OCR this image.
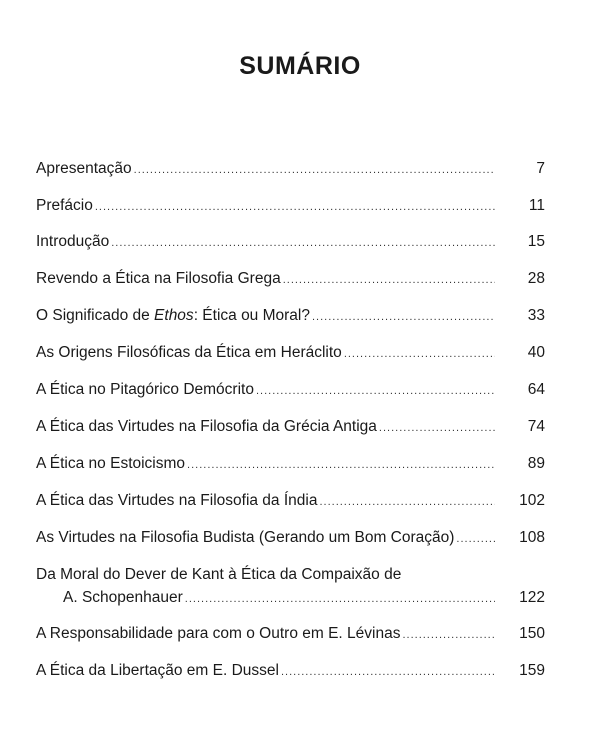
SUMÁRIO
Apresentação .....	7
Prefácio .....	11
Introdução .....	15
Revendo a Ética na Filosofia Grega .....	28
O Significado de Ethos: Ética ou Moral? .....	33
As Origens Filosóficas da Ética em Heráclito .....	40
A Ética no Pitagórico Demócrito .....	64
A Ética das Virtudes na Filosofia da Grécia Antiga .....	74
A Ética no Estoicismo .....	89
A Ética das Virtudes na Filosofia da Índia .....	102
As Virtudes na Filosofia Budista (Gerando um Bom Coração) .....	108
Da Moral do Dever de Kant à Ética da Compaixão de
A. Schopenhauer .....	122
A Responsabilidade para com o Outro em E. Lévinas .....	150
A Ética da Libertação em E. Dussel .....	159
